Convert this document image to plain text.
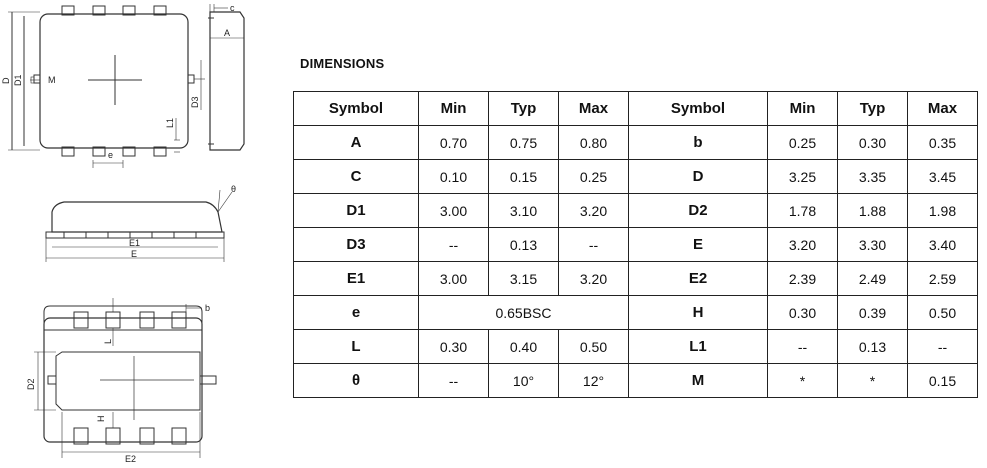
c
A
D D1	M
D3
L1
e
θ
E1
E
b
L
D2
H
E2
DIMENSIONS
Symbol	Min	Typ	Max	Symbol	Min	Typ	Max
A	0.70	0.75	0.80	b	0.25	0.30	0.35
C	0.10	0.15	0.25	D	3.25	3.35	3.45
D1	3.00	3.10	3.20	D2	1.78	1.88	1.98
D3	--	0.13	--	E	3.20	3.30	3.40
E1	3.00	3.15	3.20	E2	2.39	2.49	2.59
e	0.65BSC			H	0.30	0.39	0.50
L	0.30	0.40	0.50	L1	--	0.13	--
θ	--	10°	12°	M	*	*	0.15
